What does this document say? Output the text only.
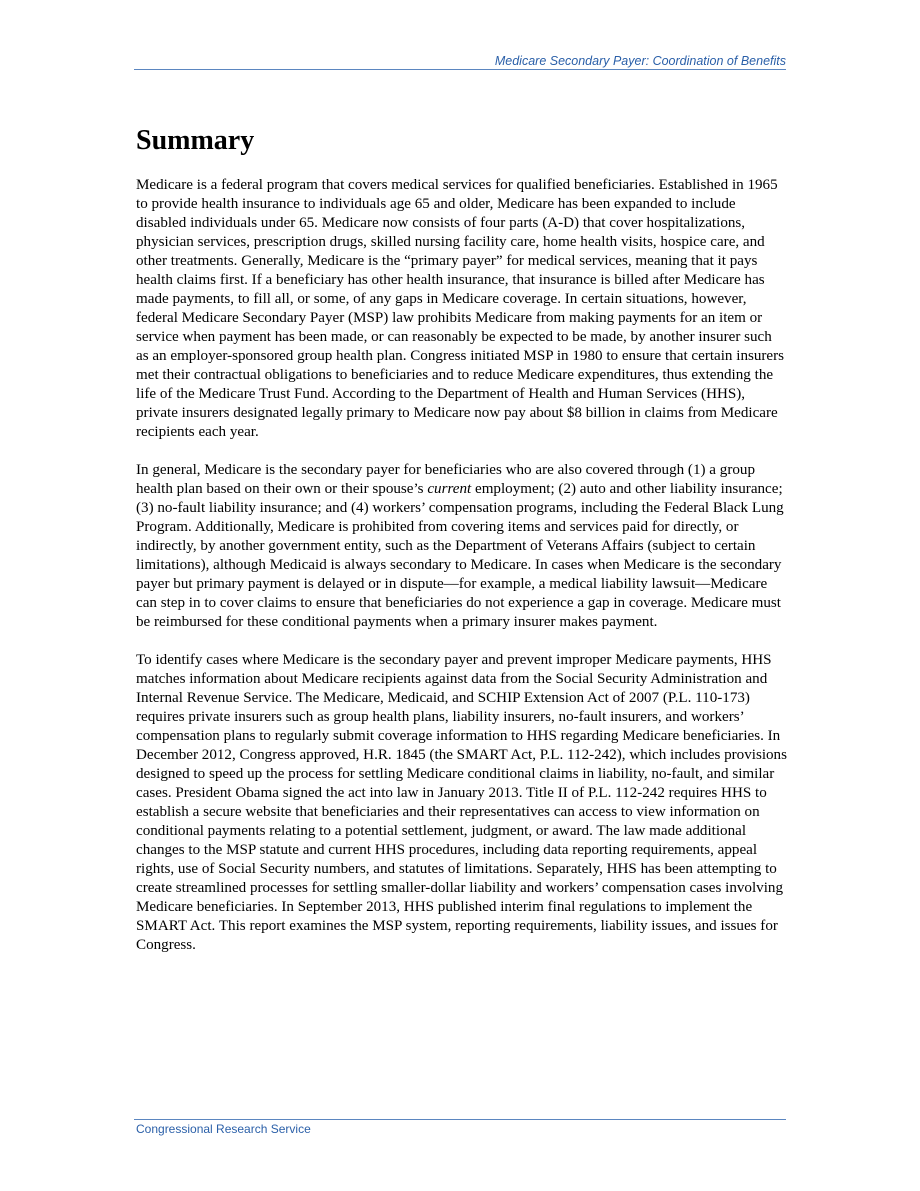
Medicare Secondary Payer: Coordination of Benefits
Summary

Medicare is a federal program that covers medical services for qualified beneficiaries. Established in 1965 to provide health insurance to individuals age 65 and older, Medicare has been expanded to include disabled individuals under 65. Medicare now consists of four parts (A-D) that cover hospitalizations, physician services, prescription drugs, skilled nursing facility care, home health visits, hospice care, and other treatments. Generally, Medicare is the “primary payer” for medical services, meaning that it pays health claims first. If a beneficiary has other health insurance, that insurance is billed after Medicare has made payments, to fill all, or some, of any gaps in Medicare coverage. In certain situations, however, federal Medicare Secondary Payer (MSP) law prohibits Medicare from making payments for an item or service when payment has been made, or can reasonably be expected to be made, by another insurer such as an employer-sponsored group health plan. Congress initiated MSP in 1980 to ensure that certain insurers met their contractual obligations to beneficiaries and to reduce Medicare expenditures, thus extending the life of the Medicare Trust Fund. According to the Department of Health and Human Services (HHS), private insurers designated legally primary to Medicare now pay about $8 billion in claims from Medicare recipients each year.

In general, Medicare is the secondary payer for beneficiaries who are also covered through (1) a group health plan based on their own or their spouse’s current employment; (2) auto and other liability insurance; (3) no-fault liability insurance; and (4) workers’ compensation programs, including the Federal Black Lung Program. Additionally, Medicare is prohibited from covering items and services paid for directly, or indirectly, by another government entity, such as the Department of Veterans Affairs (subject to certain limitations), although Medicaid is always secondary to Medicare. In cases when Medicare is the secondary payer but primary payment is delayed or in dispute—for example, a medical liability lawsuit—Medicare can step in to cover claims to ensure that beneficiaries do not experience a gap in coverage. Medicare must be reimbursed for these conditional payments when a primary insurer makes payment.

To identify cases where Medicare is the secondary payer and prevent improper Medicare payments, HHS matches information about Medicare recipients against data from the Social Security Administration and Internal Revenue Service. The Medicare, Medicaid, and SCHIP Extension Act of 2007 (P.L. 110-173) requires private insurers such as group health plans, liability insurers, no-fault insurers, and workers’ compensation plans to regularly submit coverage information to HHS regarding Medicare beneficiaries. In December 2012, Congress approved, H.R. 1845 (the SMART Act, P.L. 112-242), which includes provisions designed to speed up the process for settling Medicare conditional claims in liability, no-fault, and similar cases. President Obama signed the act into law in January 2013. Title II of P.L. 112-242 requires HHS to establish a secure website that beneficiaries and their representatives can access to view information on conditional payments relating to a potential settlement, judgment, or award. The law made additional changes to the MSP statute and current HHS procedures, including data reporting requirements, appeal rights, use of Social Security numbers, and statutes of limitations. Separately, HHS has been attempting to create streamlined processes for settling smaller-dollar liability and workers’ compensation cases involving Medicare beneficiaries. In September 2013, HHS published interim final regulations to implement the SMART Act. This report examines the MSP system, reporting requirements, liability issues, and issues for Congress.

Congressional Research Service
